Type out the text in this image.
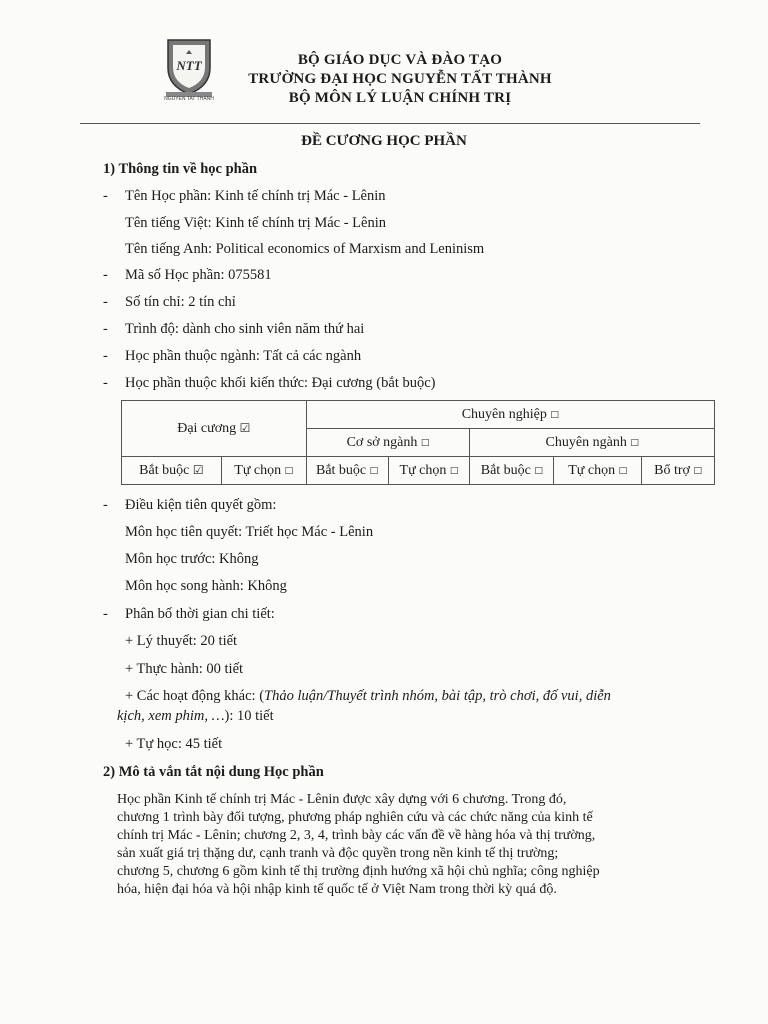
NTT
NGUYEN TAT THANH
BỘ GIÁO DỤC VÀ ĐÀO TẠO
TRƯỜNG ĐẠI HỌC NGUYỄN TẤT THÀNH
BỘ MÔN LÝ LUẬN CHÍNH TRỊ
ĐỀ CƯƠNG HỌC PHẦN
1) Thông tin về học phần
- Tên Học phần: Kinh tế chính trị Mác - Lênin
Tên tiếng Việt: Kinh tế chính trị Mác - Lênin
Tên tiếng Anh: Political economics of Marxism and Leninism
- Mã số Học phần: 075581
- Số tín chỉ: 2 tín chỉ
- Trình độ: dành cho sinh viên năm thứ hai
- Học phần thuộc ngành: Tất cả các ngành
- Học phần thuộc khối kiến thức: Đại cương (bắt buộc)
Đại cương ☑		Chuyên nghiệp □				
		Cơ sở ngành □		Chuyên ngành □		
Bắt buộc ☑	Tự chọn □	Bắt buộc □	Tự chọn □	Bắt buộc □	Tự chọn □	Bổ trợ □
- Điều kiện tiên quyết gồm:
Môn học tiên quyết: Triết học Mác - Lênin
Môn học trước: Không
Môn học song hành: Không
- Phân bố thời gian chi tiết:
+ Lý thuyết: 20 tiết
+ Thực hành: 00 tiết
+ Các hoạt động khác: (Thảo luận/Thuyết trình nhóm, bài tập, trò chơi, đố vui, diễn
kịch, xem phim, …): 10 tiết
+ Tự học: 45 tiết
2) Mô tả vắn tắt nội dung Học phần
Học phần Kinh tế chính trị Mác - Lênin được xây dựng với 6 chương. Trong đó,
chương 1 trình bày đối tượng, phương pháp nghiên cứu và các chức năng của kinh tế
chính trị Mác - Lênin; chương 2, 3, 4, trình bày các vấn đề về hàng hóa và thị trường,
sản xuất giá trị thặng dư, cạnh tranh và độc quyền trong nền kinh tế thị trường;
chương 5, chương 6 gồm kinh tế thị trường định hướng xã hội chủ nghĩa; công nghiệp
hóa, hiện đại hóa và hội nhập kinh tế quốc tế ở Việt Nam trong thời kỳ quá độ.
